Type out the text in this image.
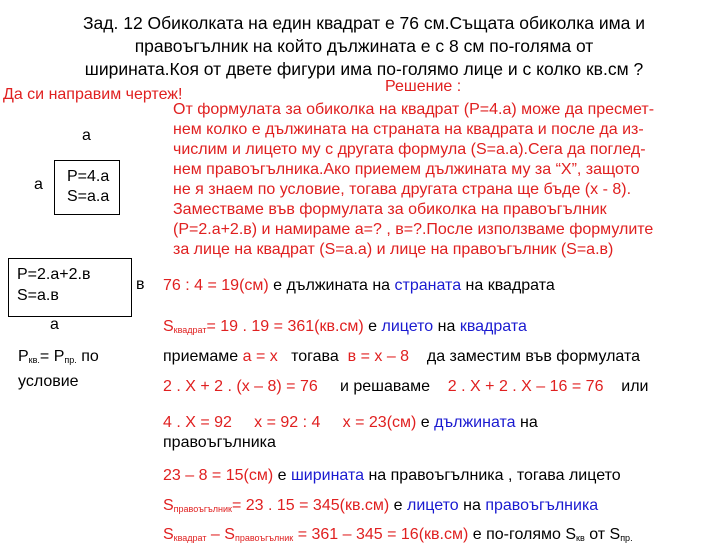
Зад. 12 Обиколката на един квадрат е 76 см.Същата обиколка има и
правоъгълник на който дължината е с 8 см по-голяма от
ширината.Коя от двете фигури има по-голямо лице и с колко кв.см ?
Да си направим чертеж!	Решение :
От формулата за обиколка на квадрат (P=4.a) може да пресмет-
нем колко е дължината на страната на квадрата и после да из-
числим и лицето му с другата формула (S=a.a).Сега да поглед-
нем правоъгълника.Ако приемем дължината му за “X”, защото
не я знаем по условие, тогава другата страна ще бъде (х - 8).
Заместваме във формулата за обиколка на правоъгълник
(Р=2.а+2.в) и намираме а=? , в=?.После използваме формулите
за лице на квадрат (S=a.a) и лице на правоъгълник (S=a.в)
а
а P=4.a
S=a.a
P=2.а+2.в
S=а.в
в
а
$P_{кв.}= P_{пр.}$ по
условие
76 : 4 = 19(см) е дължината на страната на квадрата
$S_{квадрат}= 19$ . 19 = 361(кв.см) е лицето на квадрата
приемаме а = х   тогава  в = х – 8    да заместим във формулата
2 . Х + 2 . (х – 8) = 76     и решаваме    2 . Х + 2 . Х – 16 = 76    или
4 . Х = 92     х = 92 : 4     х = 23(см) е дължината на
правоъгълника
23 – 8 = 15(см) е ширината на правоъгълника , тогава лицето
$S_{правоъгълник}= 23$ . 15 = 345(кв.см) е лицето на правоъгълника
$S_{квадрат} - S_{правоъгълник} = 361 - 345 = 16(кв.см)$ е по-голямо $S_{кв}$ от $S_{пр.}$
